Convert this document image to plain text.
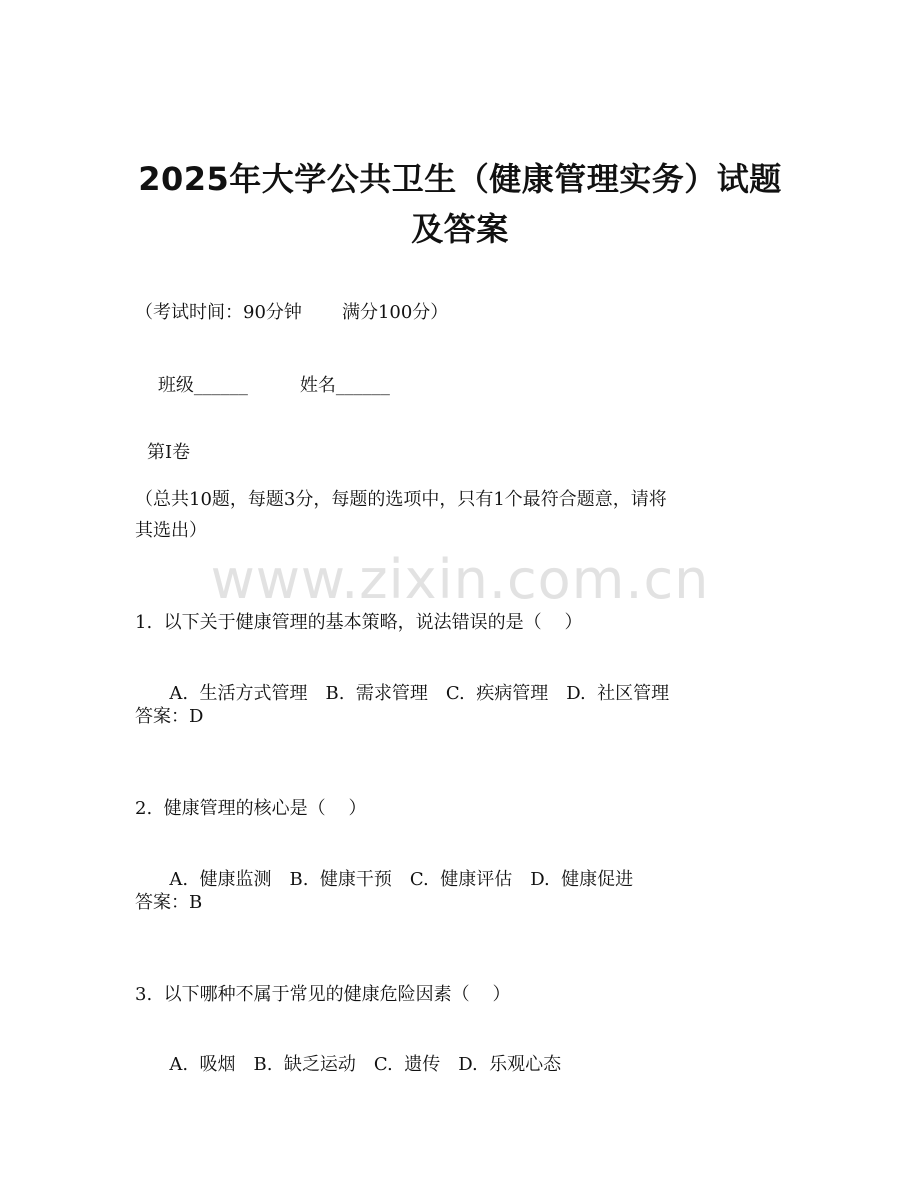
2025年大学公共卫生（健康管理实务）试题
及答案
（考试时间：90分钟       满分100分）

班级______	姓名______

第Ⅰ卷
（总共10题，每题3分，每题的选项中，只有1个最符合题意，请将
其选出）
www.zixin.com.cn
1.  以下关于健康管理的基本策略，说法错误的是（    ）

A.  生活方式管理 B.  需求管理 C.  疾病管理 D.  社区管理

答案：D
2.  健康管理的核心是（    ）

A.  健康监测 B.  健康干预 C.  健康评估 D.  健康促进

答案：B
3.  以下哪种不属于常见的健康危险因素（    ）

A.  吸烟 B.  缺乏运动 C.  遗传 D.  乐观心态
